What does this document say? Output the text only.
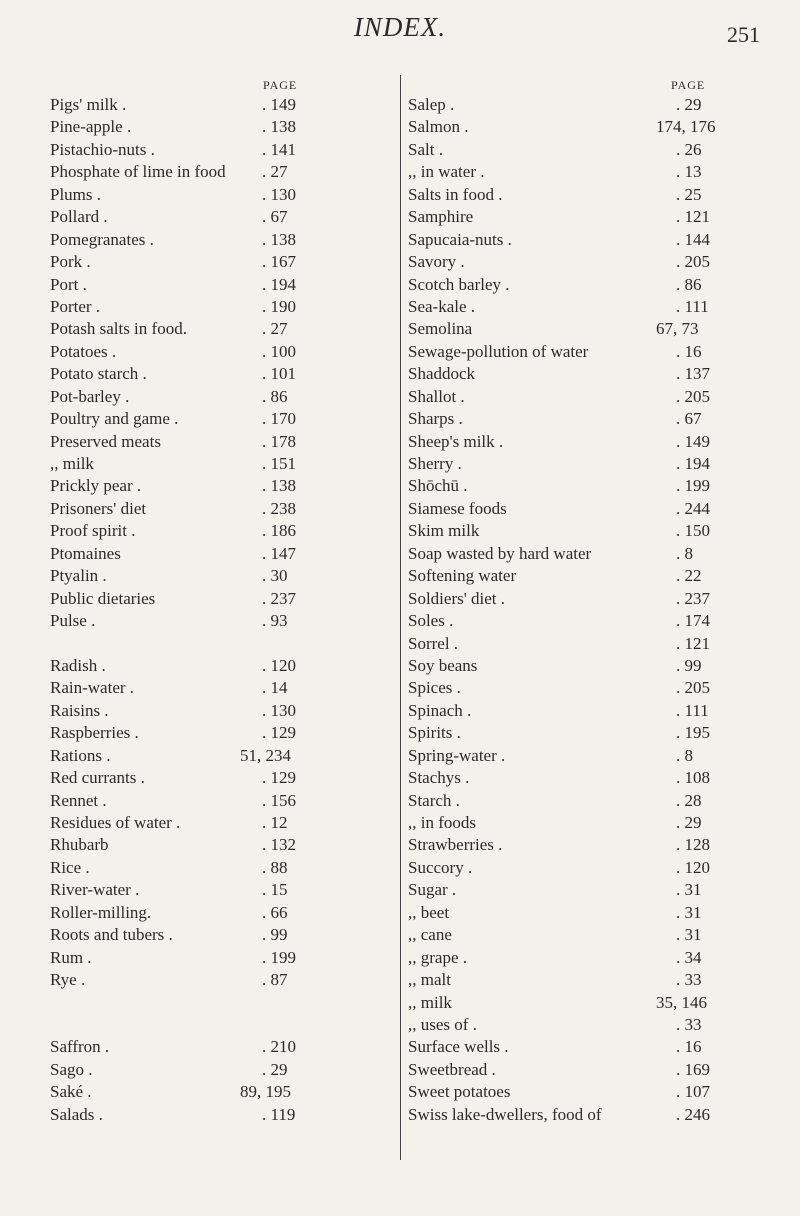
INDEX.	251
PAGE
Pigs' milk .	. 149
Pine-apple .	. 138
Pistachio-nuts .	. 141
Phosphate of lime in food . 27
Plums .	. 130
Pollard .	. 67
Pomegranates .	. 138
Pork .	. 167
Port .	. 194
Porter .	. 190
Potash salts in food.	. 27
Potatoes .	. 100
Potato starch .	. 101
Pot-barley .	. 86
Poultry and game .	. 170
Preserved meats	. 178
,, milk	. 151
Prickly pear .	. 138
Prisoners' diet	. 238
Proof spirit .	. 186
Ptomaines	. 147
Ptyalin .	. 30
Public dietaries	. 237
Pulse .	. 93
Radish .	. 120
Rain-water .	. 14
Raisins .	. 130
Raspberries .	. 129
Rations .	51, 234
Red currants .	. 129
Rennet .	. 156
Residues of water .	. 12
Rhubarb	. 132
Rice .	. 88
River-water .	. 15
Roller-milling.	. 66
Roots and tubers .	. 99
Rum .	. 199
Rye .	. 87
Saffron .	. 210
Sago .	. 29
Saké .	89, 195
Salads .	. 119
PAGE
Salep .	. 29
Salmon .	174, 176
Salt .	. 26
,, in water .	. 13
Salts in food .	. 25
Samphire	. 121
Sapucaia-nuts .	. 144
Savory .	. 205
Scotch barley .	. 86
Sea-kale .	. 111
Semolina	67, 73
Sewage-pollution of water	. 16
Shaddock	. 137
Shallot .	. 205
Sharps .	. 67
Sheep's milk .	. 149
Sherry .	. 194
Shōchū .	. 199
Siamese foods	. 244
Skim milk	. 150
Soap wasted by hard water	. 8
Softening water	. 22
Soldiers' diet .	. 237
Soles .	. 174
Sorrel .	. 121
Soy beans	. 99
Spices .	. 205
Spinach .	. 111
Spirits .	. 195
Spring-water .	. 8
Stachys .	. 108
Starch .	. 28
,, in foods	. 29
Strawberries .	. 128
Succory .	. 120
Sugar .	. 31
,, beet	. 31
,, cane	. 31
,, grape .	. 34
,, malt	. 33
,, milk	35, 146
,, uses of .	. 33
Surface wells .	. 16
Sweetbread .	. 169
Sweet potatoes	. 107
Swiss lake-dwellers, food of	. 246
